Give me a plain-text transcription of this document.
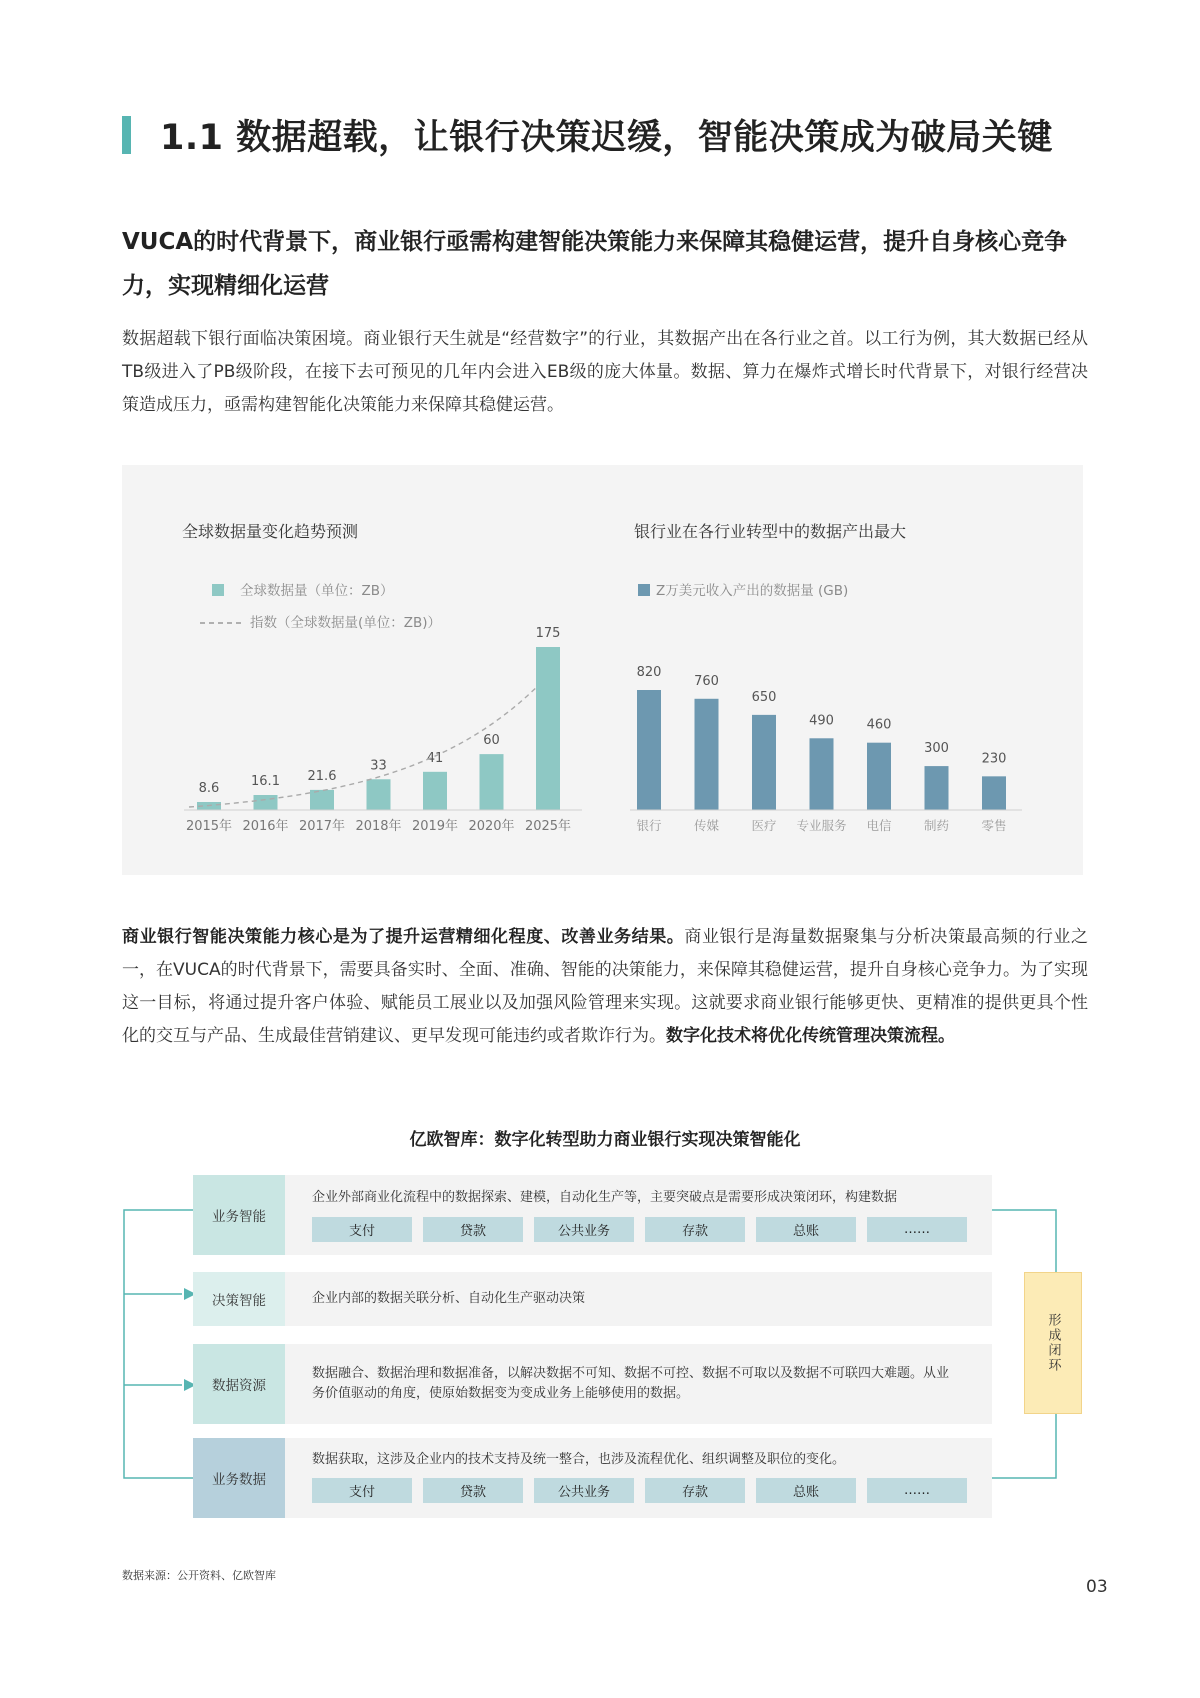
1.1 数据超载，让银行决策迟缓，智能决策成为破局关键
VUCA的时代背景下，商业银行亟需构建智能决策能力来保障其稳健运营，提升自身核心竞争力，实现精细化运营
数据超载下银行面临决策困境。商业银行天生就是“经营数字”的行业，其数据产出在各行业之首。以工行为例，其大数据已经从TB级进入了PB级阶段，在接下去可预见的几年内会进入EB级的庞大体量。数据、算力在爆炸式增长时代背景下，对银行经营决策造成压力，亟需构建智能化决策能力来保障其稳健运营。
全球数据量变化趋势预测
全球数据量（单位：ZB）
指数（全球数据量(单位：ZB)）
8.6
2015年
16.1
2016年
21.6
2017年
33
2018年
41
2019年
60
2020年
175
2025年
银行业在各行业转型中的数据产出最大
Z万美元收入产出的数据量 (GB)
820
银行
760
传媒
650
医疗
490
专业服务
460
电信
300
制药
230
零售
商业银行智能决策能力核心是为了提升运营精细化程度、改善业务结果。商业银行是海量数据聚集与分析决策最高频的行业之一，在VUCA的时代背景下，需要具备实时、全面、准确、智能的决策能力，来保障其稳健运营，提升自身核心竞争力。为了实现这一目标，将通过提升客户体验、赋能员工展业以及加强风险管理来实现。这就要求商业银行能够更快、更精准的提供更具个性化的交互与产品、生成最佳营销建议、更早发现可能违约或者欺诈行为。数字化技术将优化传统管理决策流程。
亿欧智库：数字化转型助力商业银行实现决策智能化
业务智能
企业外部商业化流程中的数据探索、建模，自动化生产等，主要突破点是需要形成决策闭环，构建数据
支付	贷款	公共业务	存款	总账	……
决策智能	企业内部的数据关联分析、自动化生产驱动决策
数据资源
数据融合、数据治理和数据准备，以解决数据不可知、数据不可控、数据不可取以及数据不可联四大难题。从业务价值驱动的角度，使原始数据变为变成业务上能够使用的数据。
业务数据
数据获取，这涉及企业内的技术支持及统一整合，也涉及流程优化、组织调整及职位的变化。
支付	贷款	公共业务	存款	总账	……
形成闭环
数据来源：公开资料、亿欧智库
03
